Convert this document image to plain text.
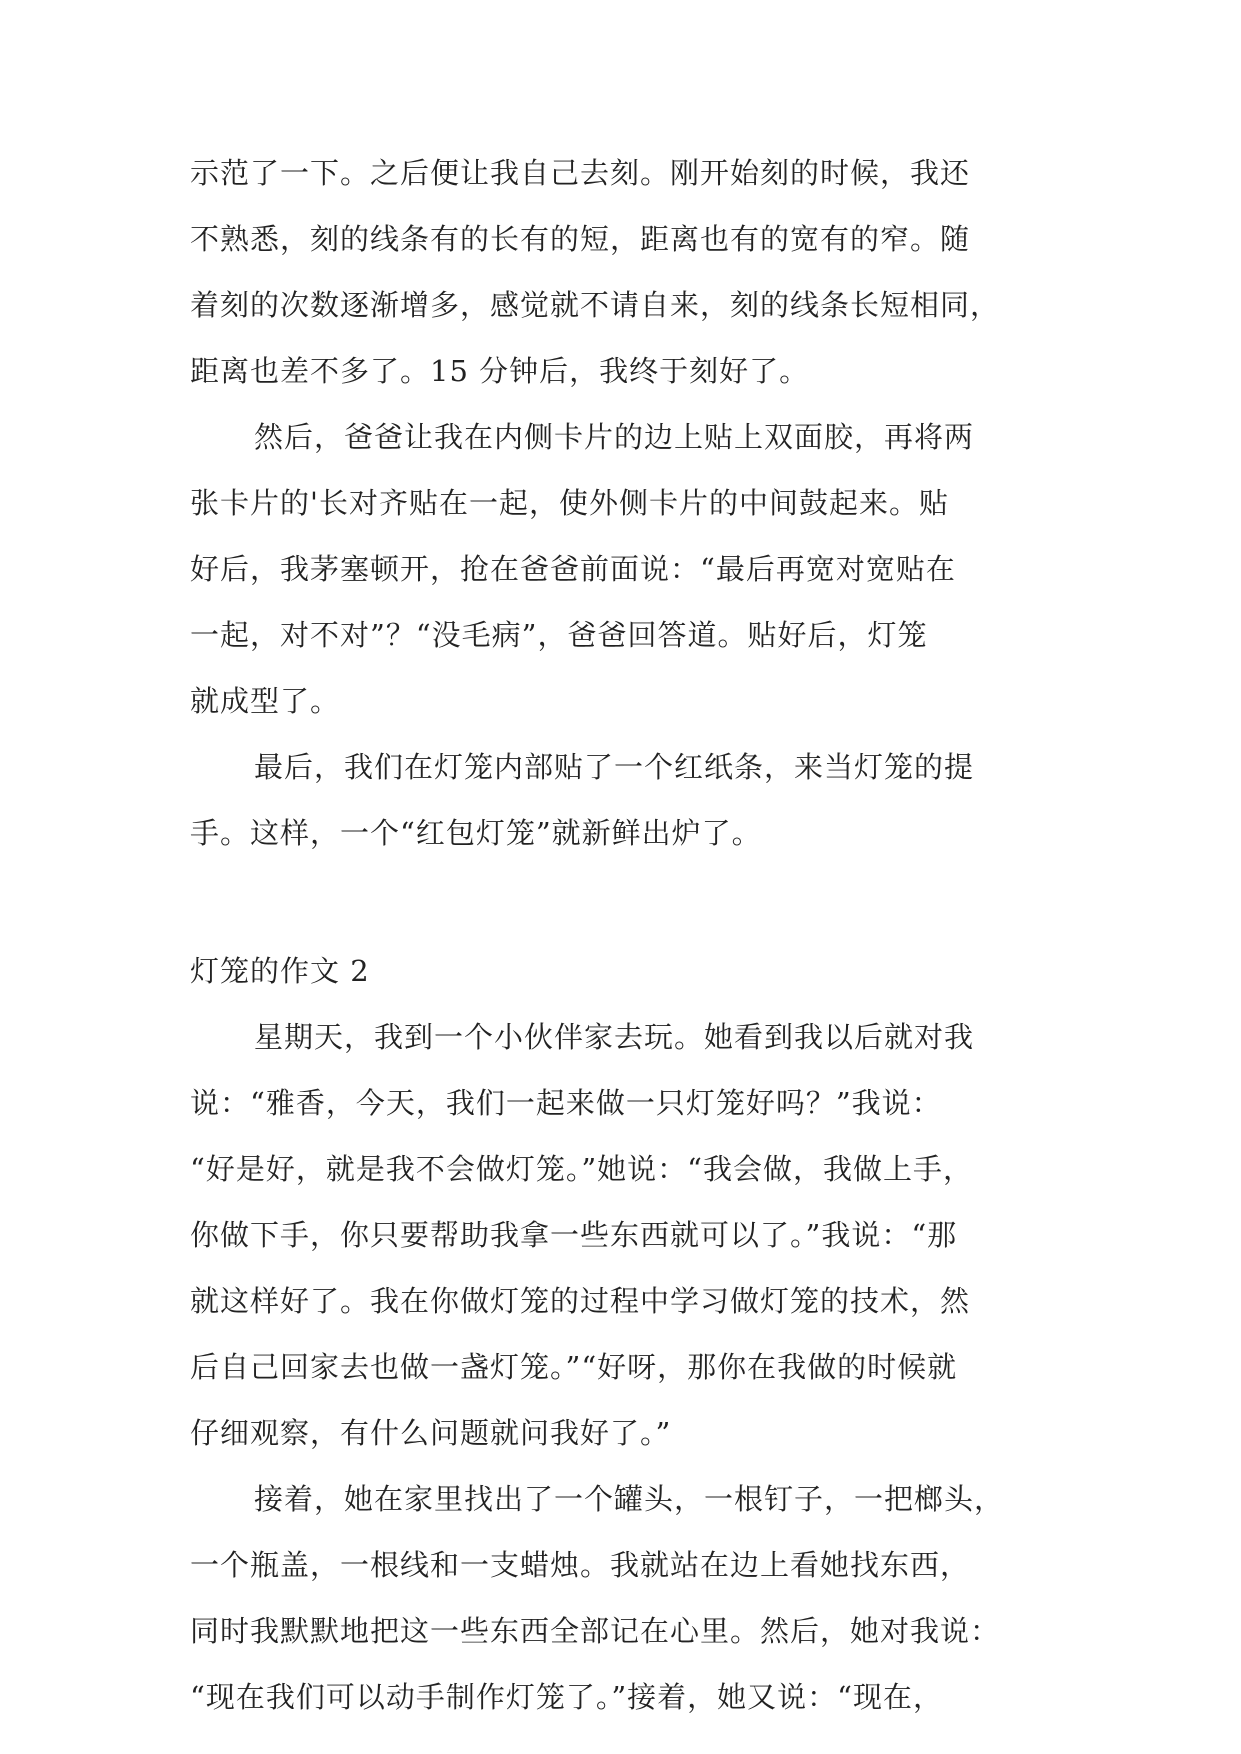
示范了一下。之后便让我自己去刻。刚开始刻的时候，我还
不熟悉，刻的线条有的长有的短，距离也有的宽有的窄。随
着刻的次数逐渐增多，感觉就不请自来，刻的线条长短相同，
距离也差不多了。15 分钟后，我终于刻好了。
然后，爸爸让我在内侧卡片的边上贴上双面胶，再将两
张卡片的'长对齐贴在一起，使外侧卡片的中间鼓起来。贴
好后，我茅塞顿开，抢在爸爸前面说：“最后再宽对宽贴在
一起，对不对”？“没毛病”，爸爸回答道。贴好后，灯笼
就成型了。
最后，我们在灯笼内部贴了一个红纸条，来当灯笼的提
手。这样，一个“红包灯笼”就新鲜出炉了。
灯笼的作文 2
星期天，我到一个小伙伴家去玩。她看到我以后就对我
说：“雅香，今天，我们一起来做一只灯笼好吗？”我说：
“好是好，就是我不会做灯笼。”她说：“我会做，我做上手，
你做下手，你只要帮助我拿一些东西就可以了。”我说：“那
就这样好了。我在你做灯笼的过程中学习做灯笼的技术，然
后自己回家去也做一盏灯笼。”“好呀，那你在我做的时候就
仔细观察，有什么问题就问我好了。”
接着，她在家里找出了一个罐头，一根钉子，一把榔头，
一个瓶盖，一根线和一支蜡烛。我就站在边上看她找东西，
同时我默默地把这一些东西全部记在心里。然后，她对我说：
“现在我们可以动手制作灯笼了。”接着，她又说：“现在，
